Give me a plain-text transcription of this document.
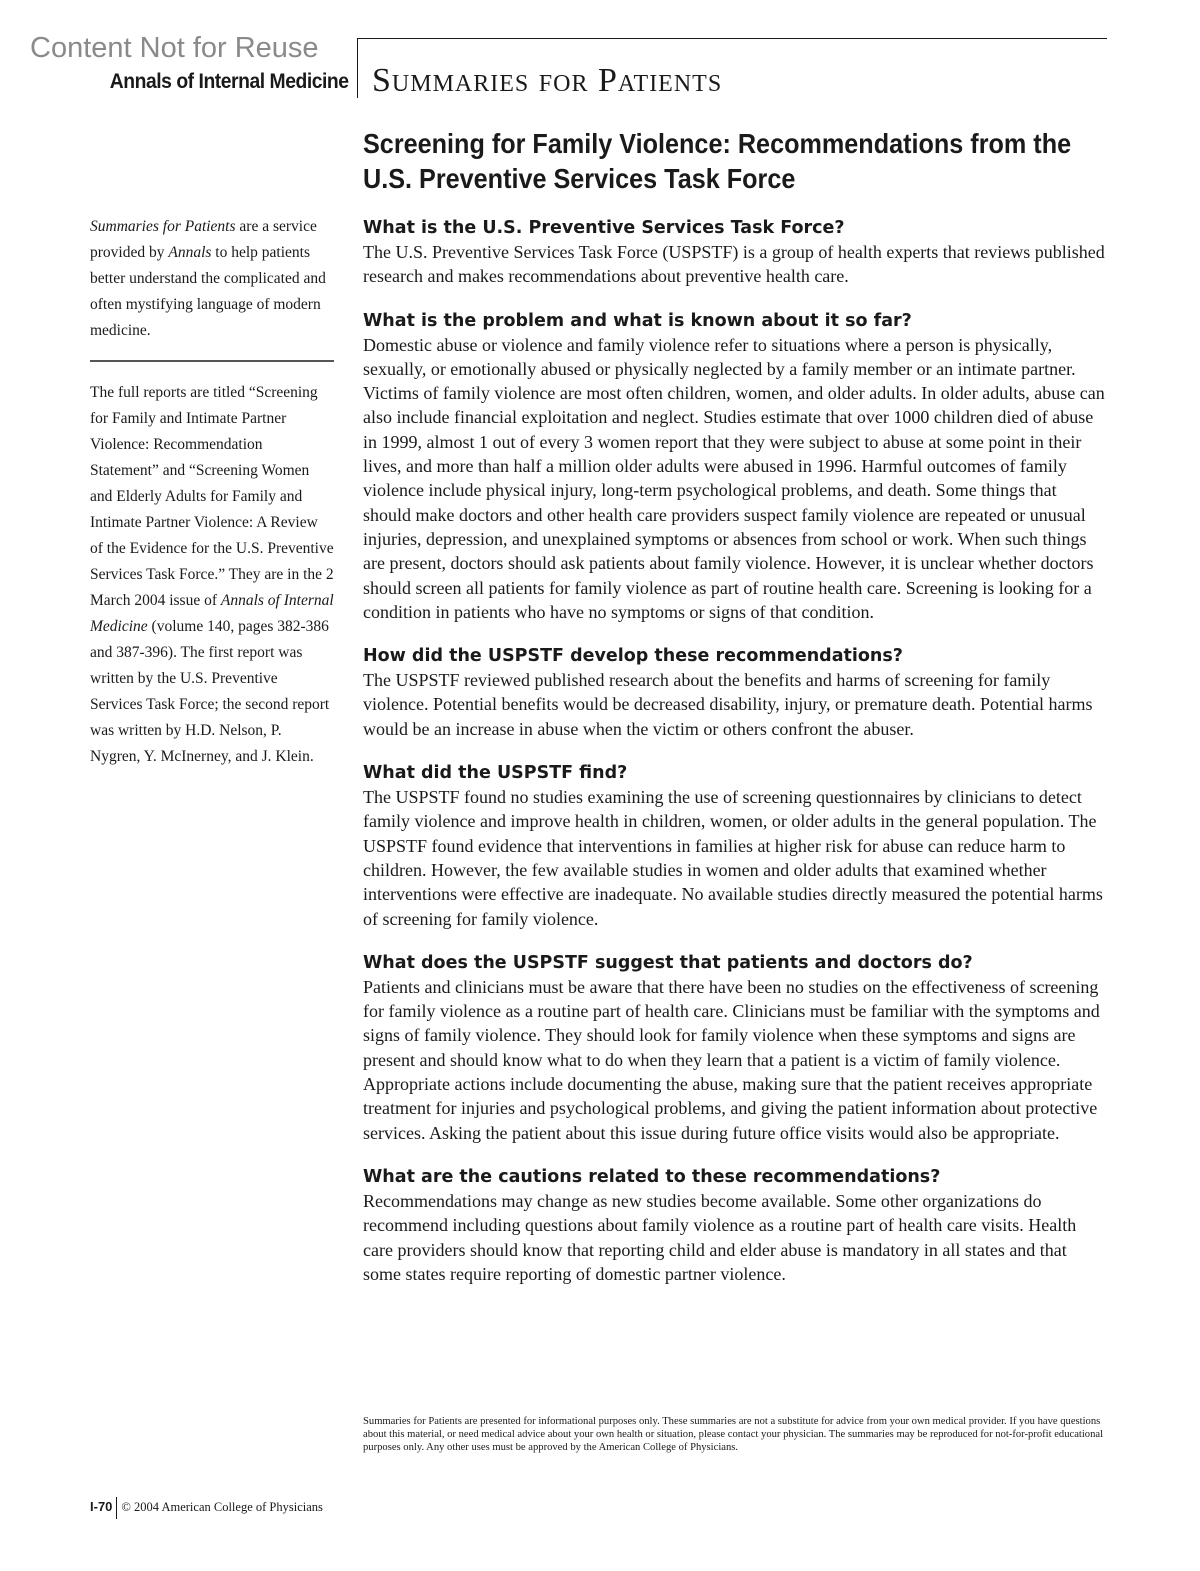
Content Not for Reuse
Annals of Internal Medicine Summaries for Patients
Screening for Family Violence: Recommendations from the U.S. Preventive Services Task Force

Summaries for Patients are a service provided by Annals to help patients better understand the complicated and often mystifying language of modern medicine.

The full reports are titled “Screening for Family and Intimate Partner Violence: Recommendation Statement” and “Screening Women and Elderly Adults for Family and Intimate Partner Violence: A Review of the Evidence for the U.S. Preventive Services Task Force.” They are in the 2 March 2004 issue of Annals of Internal Medicine (volume 140, pages 382-386 and 387-396). The first report was written by the U.S. Preventive Services Task Force; the second report was written by H.D. Nelson, P. Nygren, Y. McInerney, and J. Klein.

What is the U.S. Preventive Services Task Force?

The U.S. Preventive Services Task Force (USPSTF) is a group of health experts that reviews published research and makes recommendations about preventive health care.

What is the problem and what is known about it so far?

Domestic abuse or violence and family violence refer to situations where a person is physically, sexually, or emotionally abused or physically neglected by a family member or an intimate partner. Victims of family violence are most often children, women, and older adults. In older adults, abuse can also include financial exploitation and neglect. Studies estimate that over 1000 children died of abuse in 1999, almost 1 out of every 3 women report that they were subject to abuse at some point in their lives, and more than half a million older adults were abused in 1996. Harmful outcomes of family violence include physical injury, long-term psychological problems, and death. Some things that should make doctors and other health care providers suspect family violence are repeated or unusual injuries, depression, and unexplained symptoms or absences from school or work. When such things are present, doctors should ask patients about family violence. However, it is unclear whether doctors should screen all patients for family violence as part of routine health care. Screening is looking for a condition in patients who have no symptoms or signs of that condition.

How did the USPSTF develop these recommendations?

The USPSTF reviewed published research about the benefits and harms of screening for family violence. Potential benefits would be decreased disability, injury, or premature death. Potential harms would be an increase in abuse when the victim or others confront the abuser.

What did the USPSTF find?

The USPSTF found no studies examining the use of screening questionnaires by clinicians to detect family violence and improve health in children, women, or older adults in the general population. The USPSTF found evidence that interventions in families at higher risk for abuse can reduce harm to children. However, the few available studies in women and older adults that examined whether interventions were effective are inadequate. No available studies directly measured the potential harms of screening for family violence.

What does the USPSTF suggest that patients and doctors do?

Patients and clinicians must be aware that there have been no studies on the effectiveness of screening for family violence as a routine part of health care. Clinicians must be familiar with the symptoms and signs of family violence. They should look for family violence when these symptoms and signs are present and should know what to do when they learn that a patient is a victim of family violence. Appropriate actions include documenting the abuse, making sure that the patient receives appropriate treatment for injuries and psychological problems, and giving the patient information about protective services. Asking the patient about this issue during future office visits would also be appropriate.

What are the cautions related to these recommendations?

Recommendations may change as new studies become available. Some other organizations do recommend including questions about family violence as a routine part of health care visits. Health care providers should know that reporting child and elder abuse is mandatory in all states and that some states require reporting of domestic partner violence.

Summaries for Patients are presented for informational purposes only. These summaries are not a substitute for advice from your own medical provider. If you have questions about this material, or need medical advice about your own health or situation, please contact your physician. The summaries may be reproduced for not-for-profit educational purposes only. Any other uses must be approved by the American College of Physicians.
I-70 © 2004 American College of Physicians
